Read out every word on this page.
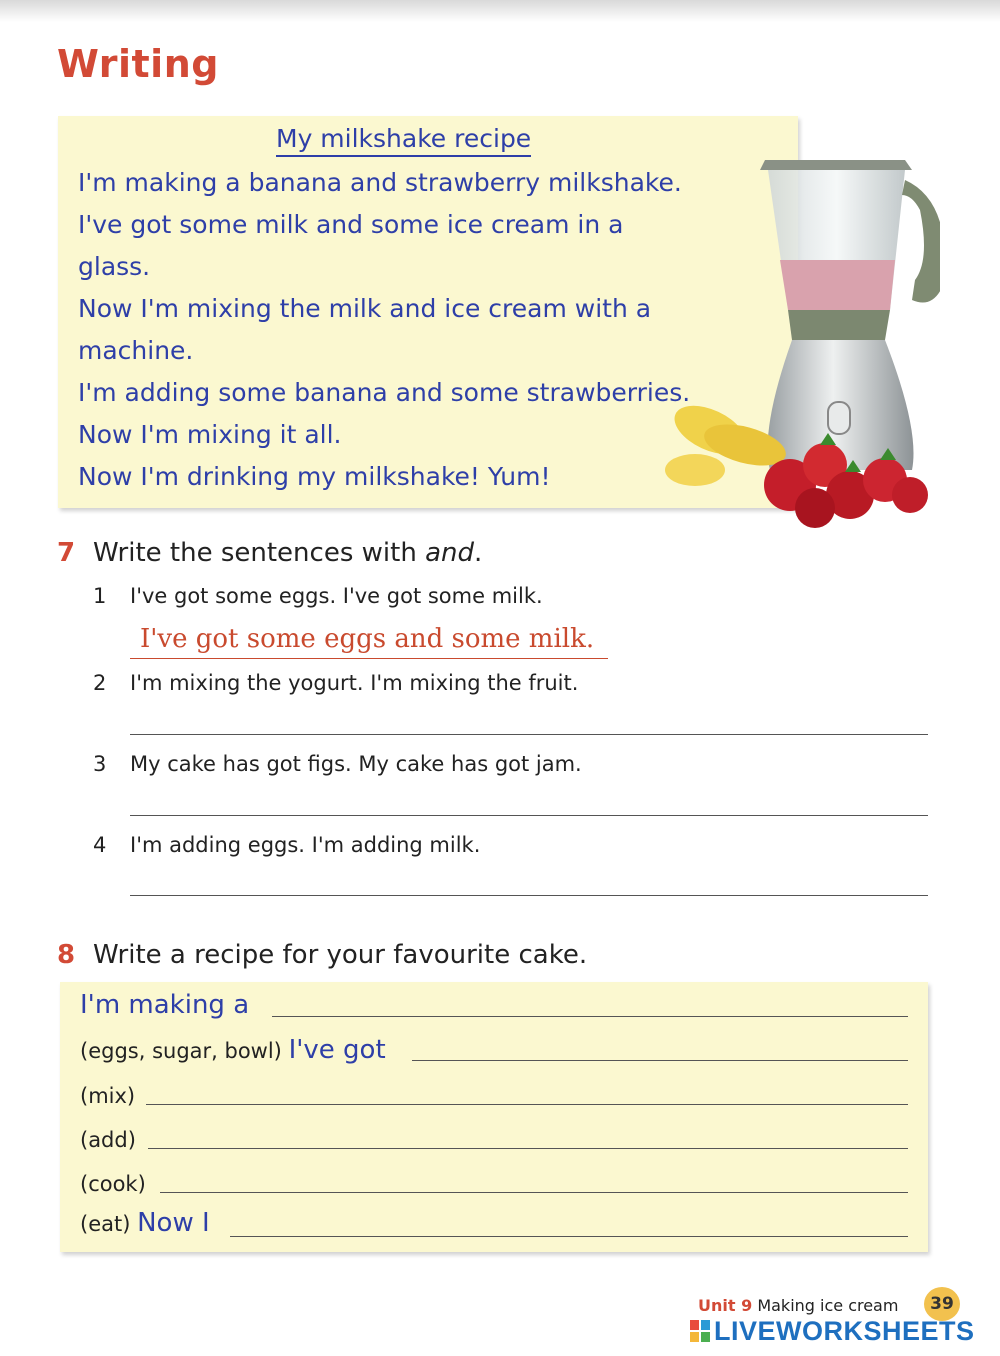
Writing
My milkshake recipe
I'm making a banana and strawberry milkshake.
I've got some milk and some ice cream in a
glass.
Now I'm mixing the milk and ice cream with a
machine.
I'm adding some banana and some strawberries.
Now I'm mixing it all.
Now I'm drinking my milkshake! Yum!
7 Write the sentences with and.
1 I've got some eggs. I've got some milk.
I've got some eggs and some milk.
2 I'm mixing the yogurt. I'm mixing the fruit.
3 My cake has got figs. My cake has got jam.
4 I'm adding eggs. I'm adding milk.
8 Write a recipe for your favourite cake.
I'm making a
(eggs, sugar, bowl) I've got
(mix)
(add)
(cook)
(eat) Now I
Unit 9 Making ice cream	39
LIVEWORKSHEETS
